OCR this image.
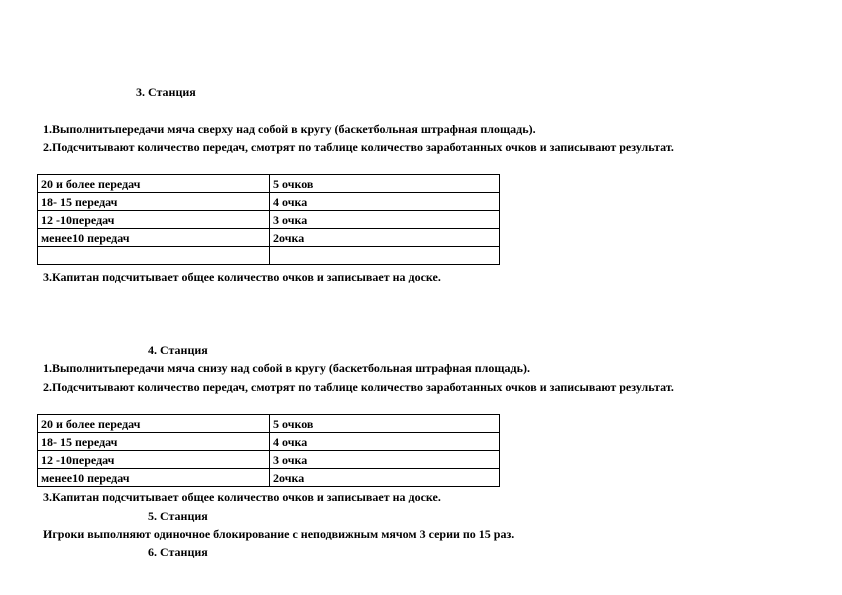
3. Станция
1.Выполнитьпередачи мяча сверху над собой в кругу (баскетбольная штрафная площадь).
2.Подсчитывают количество передач, смотрят по таблице количество заработанных очков и записывают результат.
20 и более передач	5 очков
18- 15 передач	4 очка
12 -10передач	3 очка
менее10 передач	2очка

3.Капитан подсчитывает общее количество очков и записывает на доске.
4. Станция
1.Выполнитьпередачи мяча снизу над собой в кругу (баскетбольная штрафная площадь).
2.Подсчитывают количество передач, смотрят по таблице количество заработанных очков и записывают результат.
20 и более передач	5 очков
18- 15 передач	4 очка
12 -10передач	3 очка
менее10 передач	2очка
3.Капитан подсчитывает общее количество очков и записывает на доске.
5. Станция
Игроки выполняют одиночное блокирование с неподвижным мячом 3 серии по 15 раз.
6. Станция
